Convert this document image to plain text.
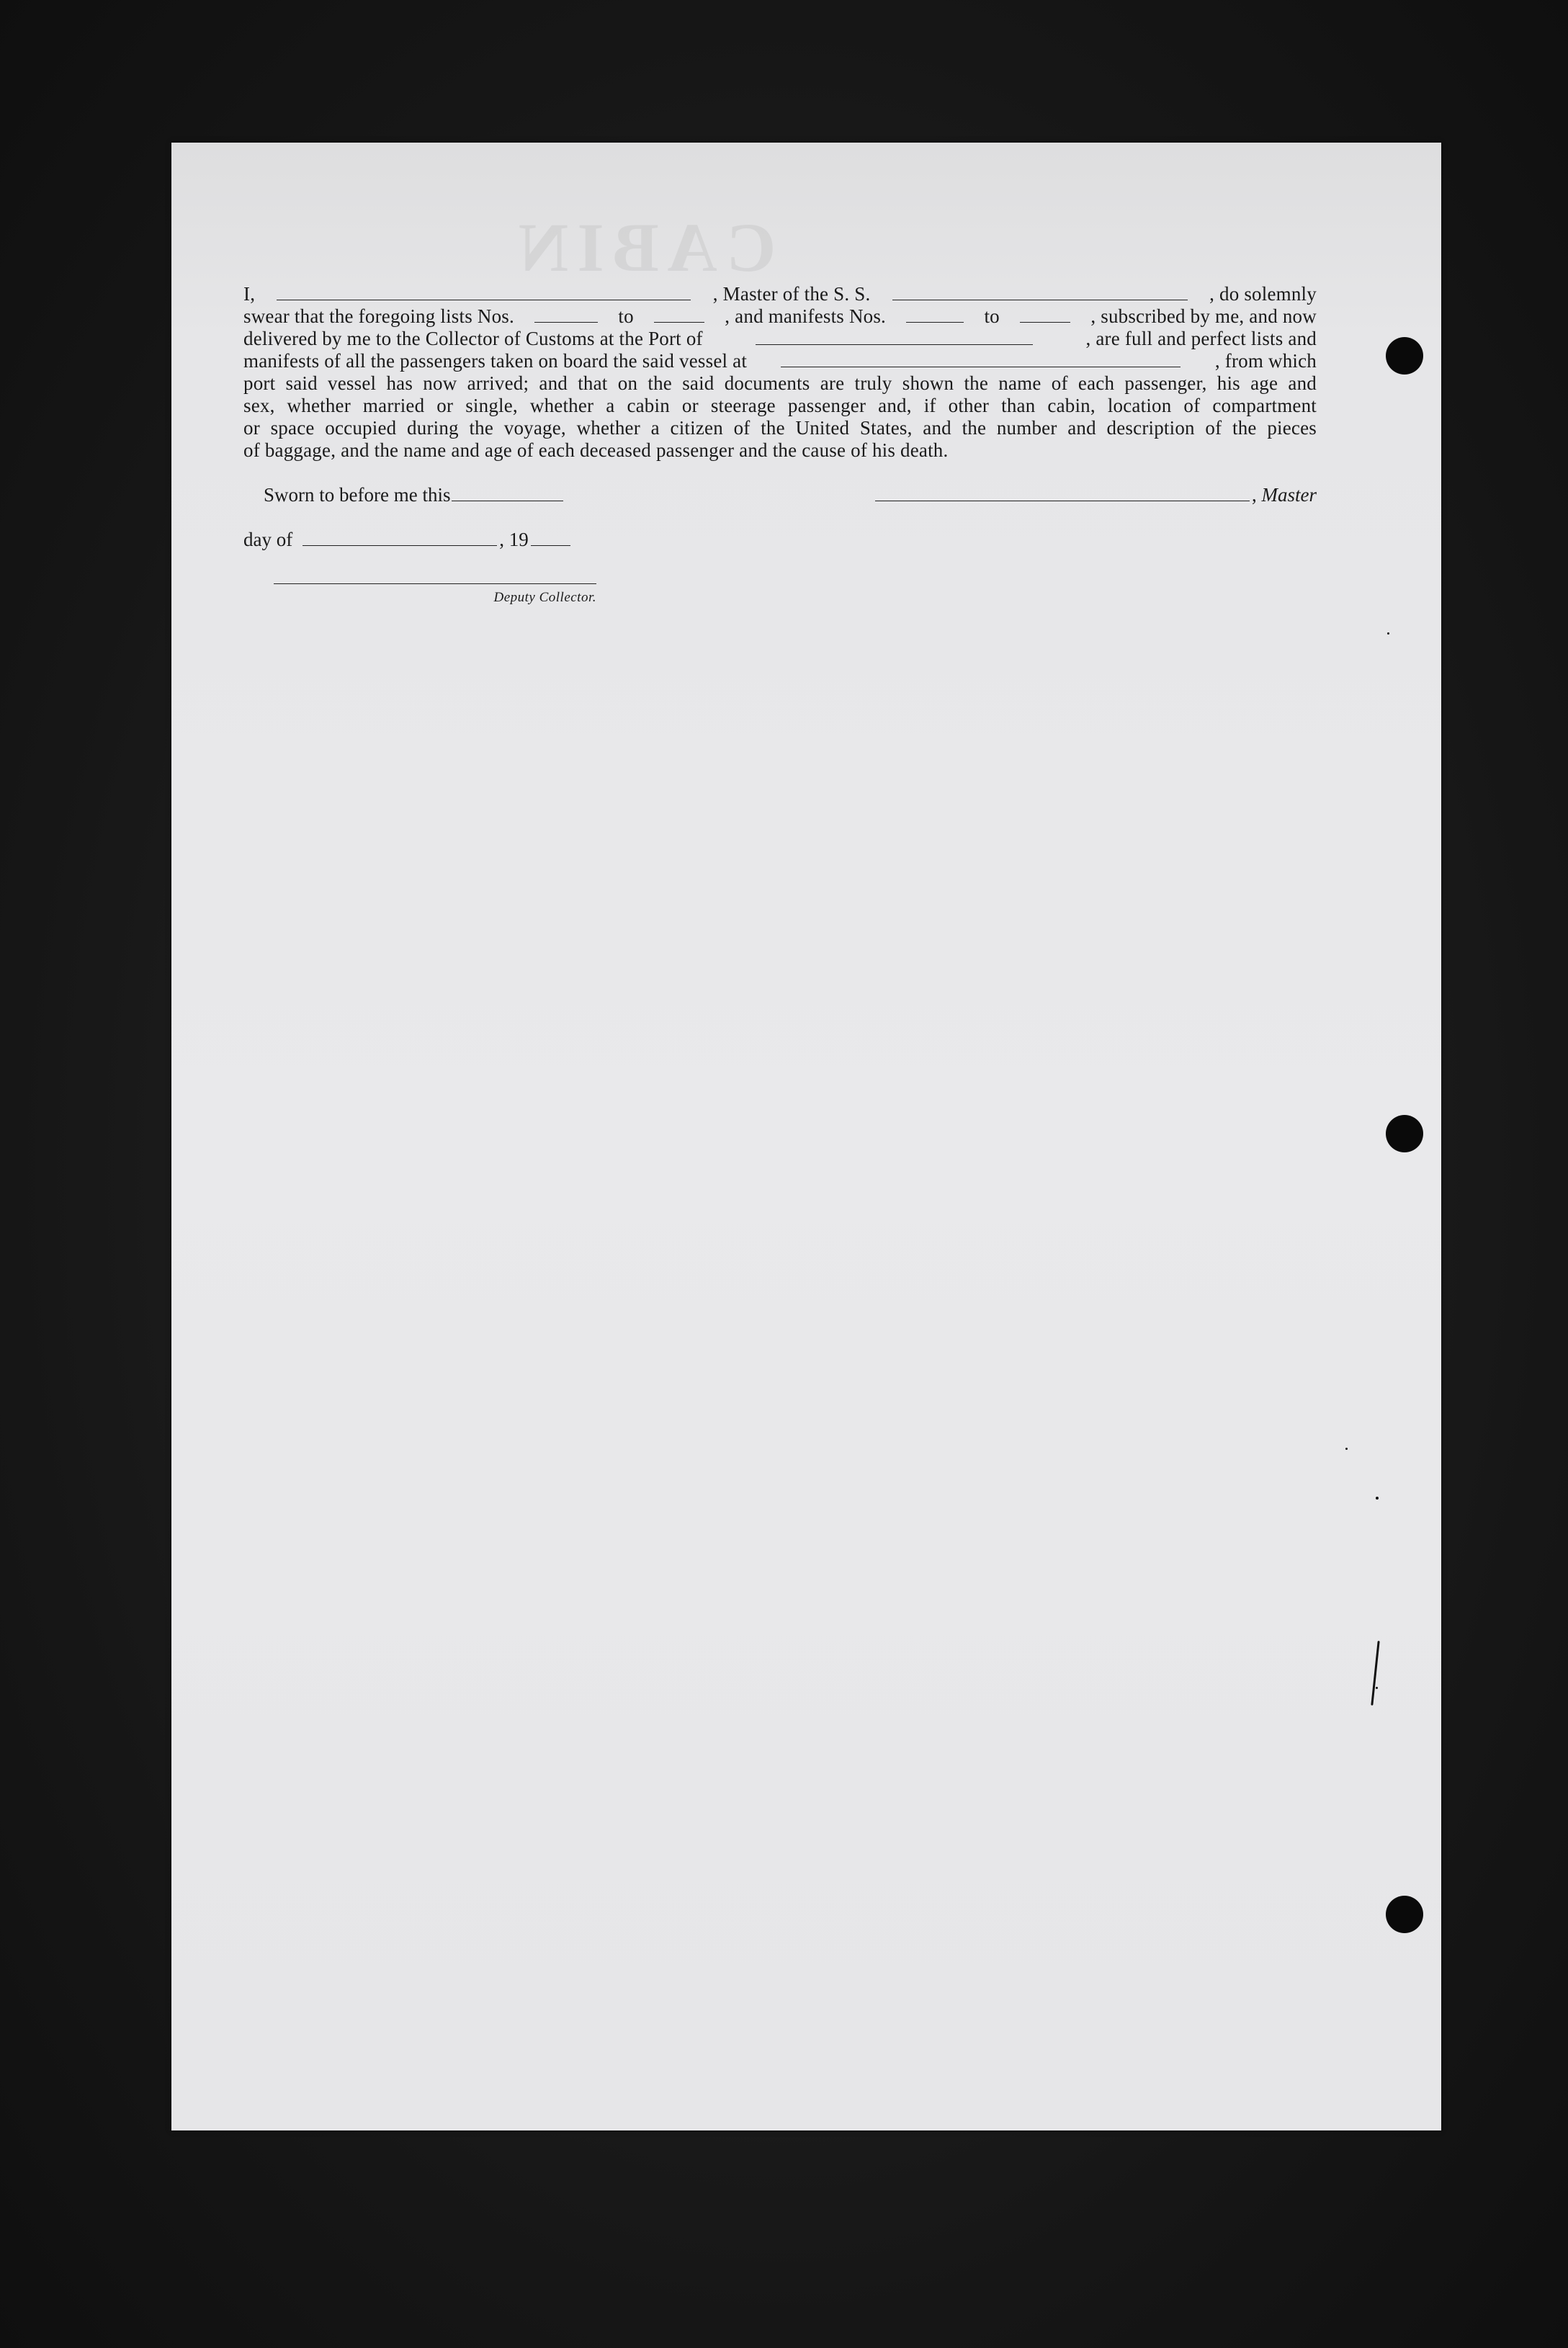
CABIN
I,	, Master of the S. S.	, do solemnly
swear that the foregoing lists Nos.	to	, and manifests Nos.	to	, subscribed by me, and now
delivered by me to the Collector of Customs at the Port of	, are full and perfect lists and
manifests of all the passengers taken on board the said vessel at	, from which
port said vessel has now arrived; and that on the said documents are truly shown the name of each passenger, his age and
sex, whether married or single, whether a cabin or steerage passenger and, if other than cabin, location of compartment
or space occupied during the voyage, whether a citizen of the United States, and the number and description of the pieces
of baggage, and the name and age of each deceased passenger and the cause of his death.
Sworn to before me this	, Master
day of	, 19
Deputy Collector.
